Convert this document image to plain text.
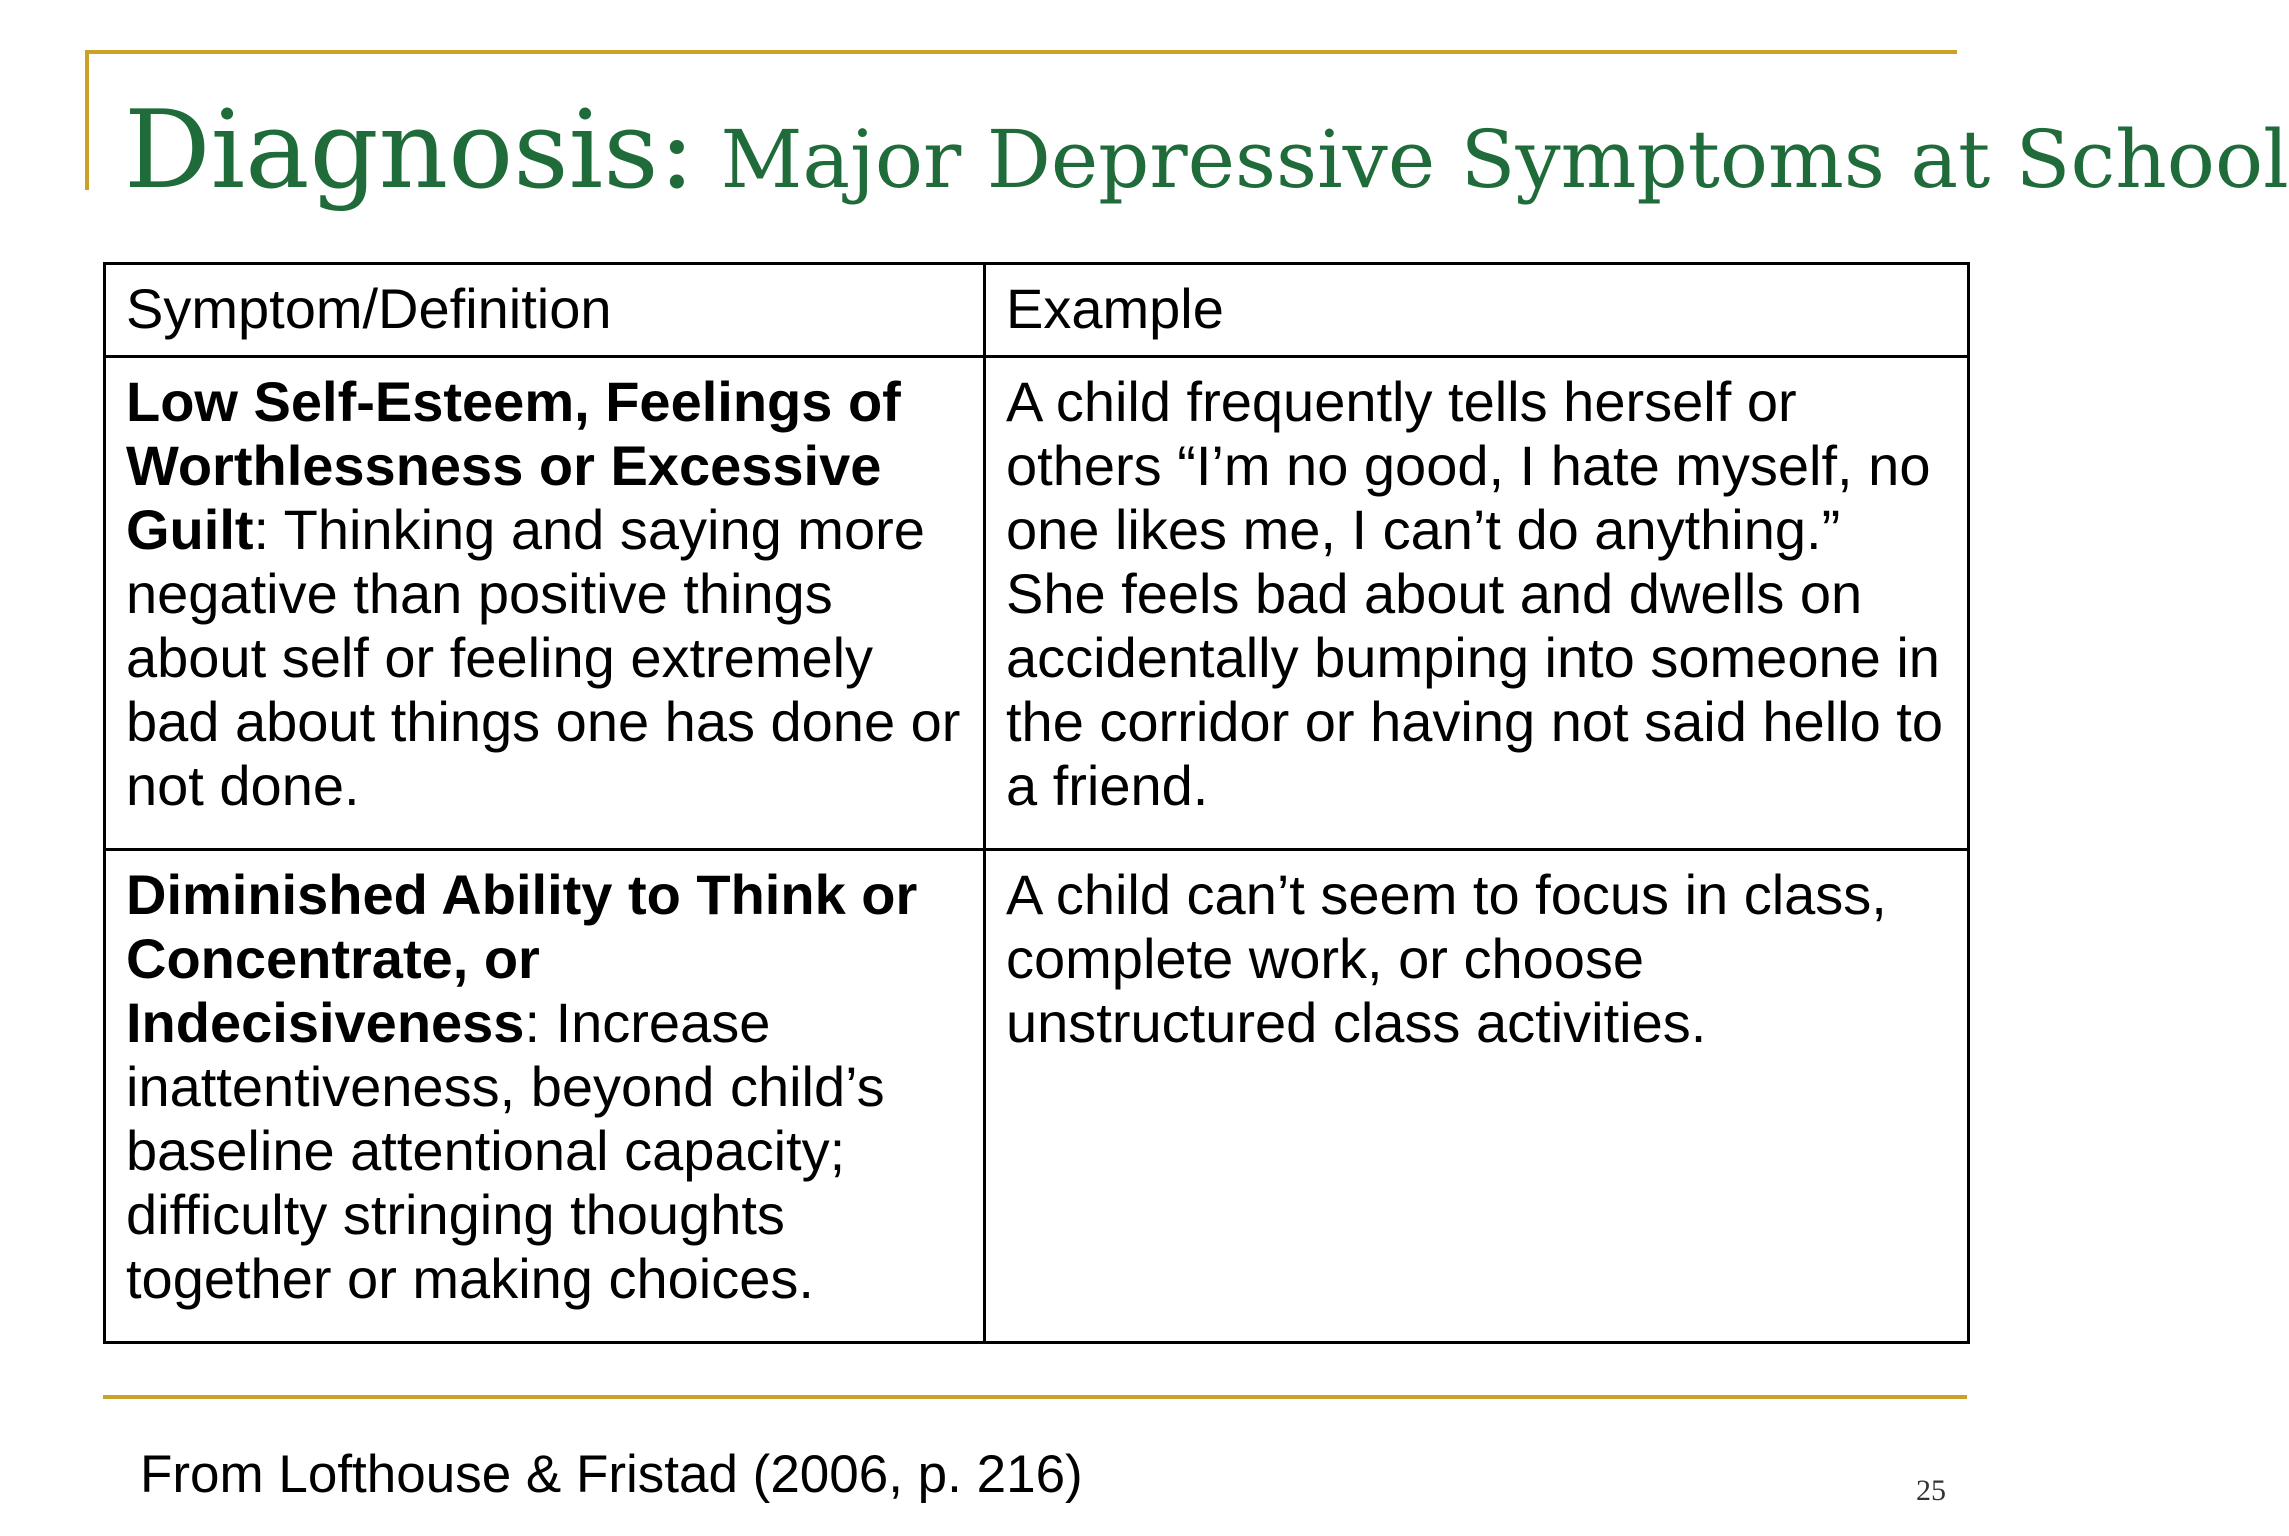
Diagnosis: Major Depressive Symptoms at School
Symptom/Definition	Example
Low Self-Esteem, Feelings of Worthlessness or Excessive Guilt: Thinking and saying more negative than positive things about self or feeling extremely bad about things one has done or not done.	A child frequently tells herself or others “I’m no good, I hate myself, no one likes me, I can’t do anything.” She feels bad about and dwells on accidentally bumping into someone in the corridor or having not said hello to a friend.
Diminished Ability to Think or Concentrate, or Indecisiveness: Increase inattentiveness, beyond child’s baseline attentional capacity; difficulty stringing thoughts together or making choices.	A child can’t seem to focus in class, complete work, or choose unstructured class activities.
From Lofthouse & Fristad (2006, p. 216)	25
